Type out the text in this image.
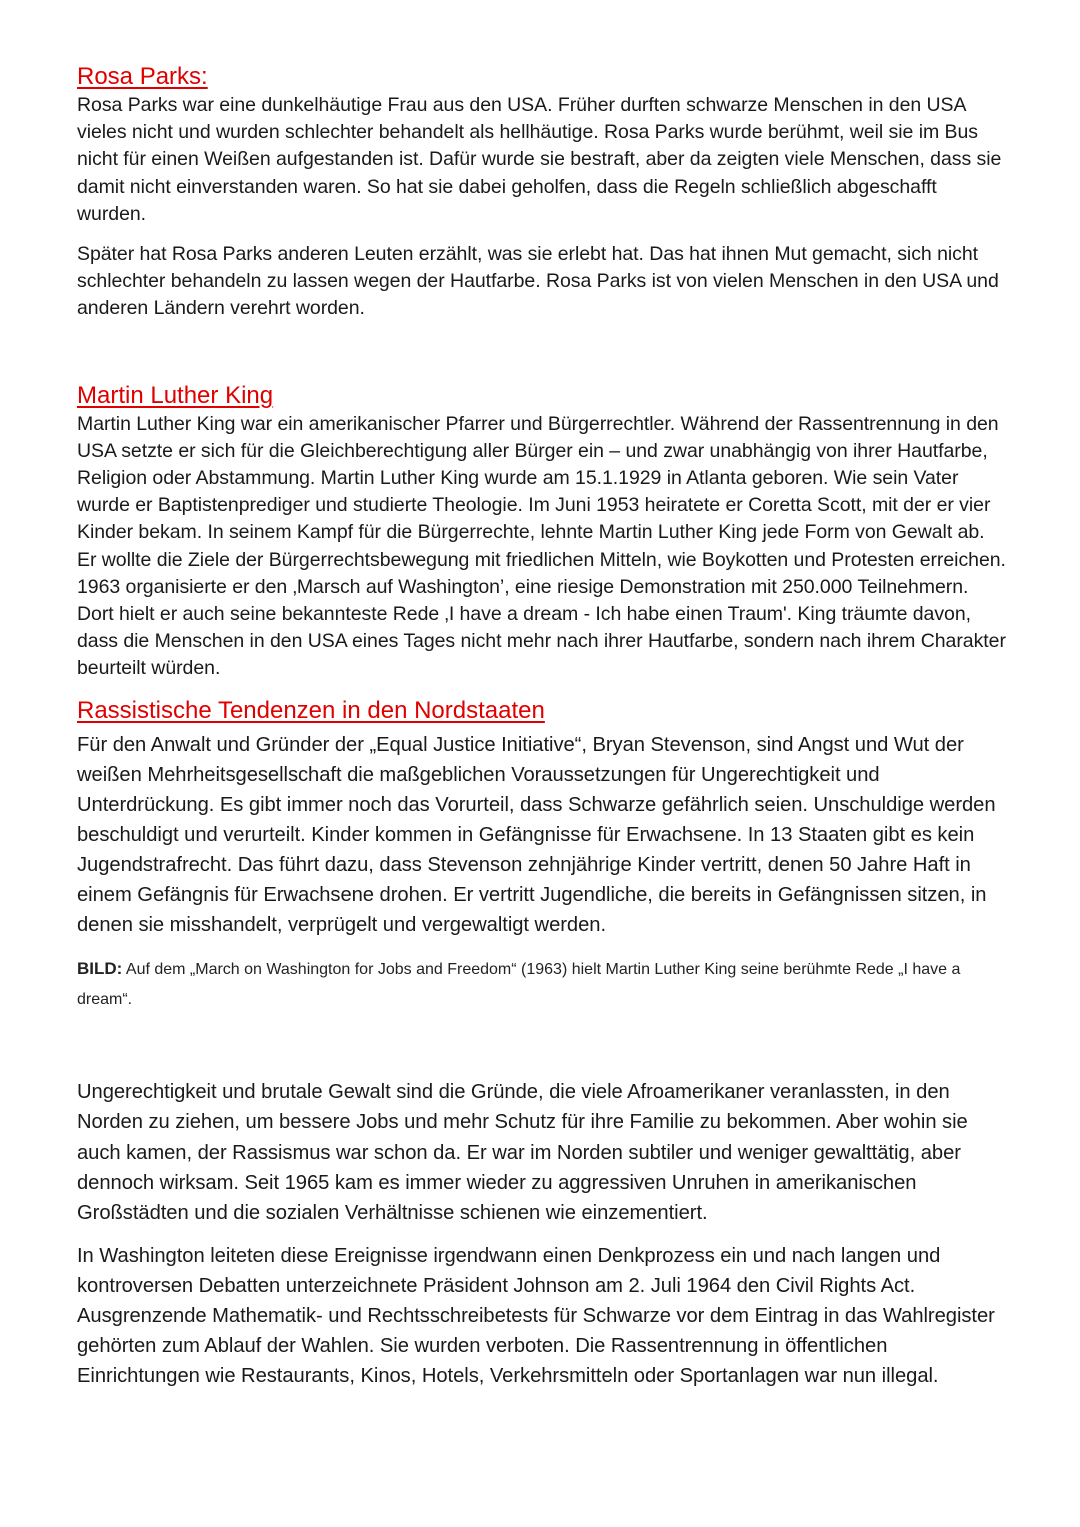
Rosa Parks:

Rosa Parks war eine dunkelhäutige Frau aus den USA. Früher durften schwarze Menschen in den USA vieles nicht und wurden schlechter behandelt als hellhäutige. Rosa Parks wurde berühmt, weil sie im Bus nicht für einen Weißen aufgestanden ist. Dafür wurde sie bestraft, aber da zeigten viele Menschen, dass sie damit nicht einverstanden waren. So hat sie dabei geholfen, dass die Regeln schließlich abgeschafft wurden.

Später hat Rosa Parks anderen Leuten erzählt, was sie erlebt hat. Das hat ihnen Mut gemacht, sich nicht schlechter behandeln zu lassen wegen der Hautfarbe. Rosa Parks ist von vielen Menschen in den USA und anderen Ländern verehrt worden.

Martin Luther King

Martin Luther King war ein amerikanischer Pfarrer und Bürgerrechtler. Während der Rassentrennung in den USA setzte er sich für die Gleichberechtigung aller Bürger ein – und zwar unabhängig von ihrer Hautfarbe, Religion oder Abstammung. Martin Luther King wurde am 15.1.1929 in Atlanta geboren. Wie sein Vater wurde er Baptistenprediger und studierte Theologie. Im Juni 1953 heiratete er Coretta Scott, mit der er vier Kinder bekam. In seinem Kampf für die Bürgerrechte, lehnte Martin Luther King jede Form von Gewalt ab. Er wollte die Ziele der Bürgerrechtsbewegung mit friedlichen Mitteln, wie Boykotten und Protesten erreichen. 1963 organisierte er den ‚Marsch auf Washington’, eine riesige Demonstration mit 250.000 Teilnehmern. Dort hielt er auch seine bekannteste Rede ‚I have a dream - Ich habe einen Traum'. King träumte davon, dass die Menschen in den USA eines Tages nicht mehr nach ihrer Hautfarbe, sondern nach ihrem Charakter beurteilt würden.

Rassistische Tendenzen in den Nordstaaten

Für den Anwalt und Gründer der „Equal Justice Initiative“, Bryan Stevenson, sind Angst und Wut der weißen Mehrheitsgesellschaft die maßgeblichen Voraussetzungen für Ungerechtigkeit und Unterdrückung. Es gibt immer noch das Vorurteil, dass Schwarze gefährlich seien. Unschuldige werden beschuldigt und verurteilt. Kinder kommen in Gefängnisse für Erwachsene. In 13 Staaten gibt es kein Jugendstrafrecht. Das führt dazu, dass Stevenson zehnjährige Kinder vertritt, denen 50 Jahre Haft in einem Gefängnis für Erwachsene drohen. Er vertritt Jugendliche, die bereits in Gefängnissen sitzen, in denen sie misshandelt, verprügelt und vergewaltigt werden.

BILD: Auf dem „March on Washington for Jobs and Freedom“ (1963) hielt Martin Luther King seine berühmte Rede „I have a dream“.

Ungerechtigkeit und brutale Gewalt sind die Gründe, die viele Afroamerikaner veranlassten, in den Norden zu ziehen, um bessere Jobs und mehr Schutz für ihre Familie zu bekommen. Aber wohin sie auch kamen, der Rassismus war schon da. Er war im Norden subtiler und weniger gewalttätig, aber dennoch wirksam. Seit 1965 kam es immer wieder zu aggressiven Unruhen in amerikanischen Großstädten und die sozialen Verhältnisse schienen wie einzementiert.

In Washington leiteten diese Ereignisse irgendwann einen Denkprozess ein und nach langen und kontroversen Debatten unterzeichnete Präsident Johnson am 2. Juli 1964 den Civil Rights Act. Ausgrenzende Mathematik- und Rechtsschreibetests für Schwarze vor dem Eintrag in das Wahlregister gehörten zum Ablauf der Wahlen. Sie wurden verboten. Die Rassentrennung in öffentlichen Einrichtungen wie Restaurants, Kinos, Hotels, Verkehrsmitteln oder Sportanlagen war nun illegal.
